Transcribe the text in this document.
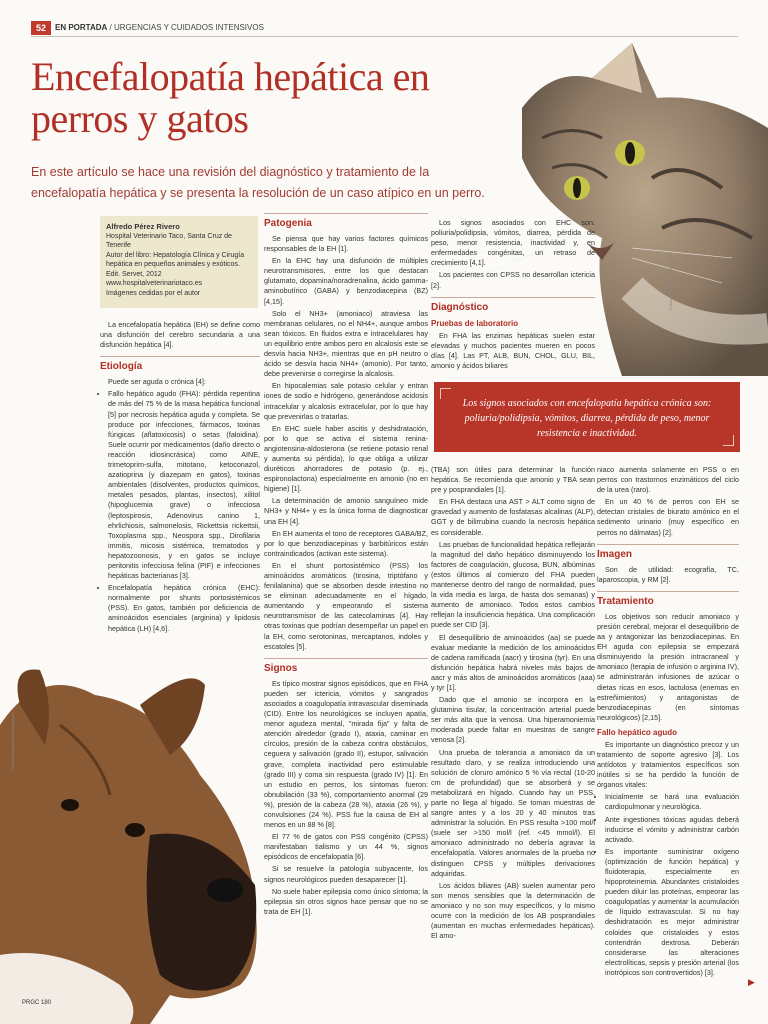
52	EN PORTADA / URGENCIAS Y CUIDADOS INTENSIVOS
Encefalopatía hepática en perros y gatos
En este artículo se hace una revisión del diagnóstico y tratamiento de la encefalopatía hepática y se presenta la resolución de un caso atípico en un perro.
Fotolia/Stockphoto/donskoy.com
Alfredo Pérez Rivero
Hospital Veterinario Taco, Santa Cruz de Tenerife
Autor del libro: Hepatología Clínica y Cirugía hepática en pequeños animales y exóticos. Edit. Servet, 2012
www.hospitalveterinariotaco.es
Imágenes cedidas por el autor

La encefalopatía hepática (EH) se define como una disfunción del cerebro secundaria a una disfunción hepática [4].

Etiología

Puede ser aguda o crónica [4]:

• Fallo hepático agudo (FHA): pérdida repentina de más del 75 % de la masa hepática funcional [5] por necrosis hepática aguda y completa. Se produce por infecciones, fármacos, toxinas fúngicas (aflatoxicosis) o setas (faloidina). Suele ocurrir por medicamentos (daño directo o reacción idiosincrásica) como AINE, trimetoprim-sulfa, mitotano, ketoconazol, azatioprina (y diazepam en gatos), toxinas ambientales (disolventes, productos químicos, metales pesados, plantas, insectos), xilitol (hipoglucemia grave) o infecciosa (leptospirosis, Adenovirus canino 1, ehrlichiosis, salmonelosis, Rickettsia rickettsii, Toxoplasma spp., Neospora spp., Dirofilaria immitis, micosis sistémica, trematodos y hepatozoonosis, y en gatos se incluye peritonitis infecciosa felina (PIF) e infecciones hepáticas bacterianas [3].
• Encefalopatía hepática crónica (EHC): normalmente por shunts portosistémicos (PSS). En gatos, también por deficiencia de aminoácidos esenciales (arginina) y lipidosis hepática (LH) [4,6].
Patogenia

Se piensa que hay varios factores químicos responsables de la EH [1].

En la EHC hay una disfunción de múltiples neurotransmisores, entre los que destacan glutamato, dopamina/noradrenalina, ácido gamma-aminobutírico (GABA) y benzodiacepina (BZ) [4,15].

Solo el NH3+ (amoniaco) atraviesa las membranas celulares, no el NH4+, aunque ambos sean tóxicos. En fluidos extra e intracelulares hay un equilibrio entre ambos pero en alcalosis este se desvía hacia NH3+, mientras que en pH neutro o ácido se desvía hacia NH4+ (amonio). Por tanto, debe prevenirse o corregirse la alcalosis.

En hipocalemias sale potasio celular y entran iones de sodio e hidrógeno, generándose acidosis intracelular y alcalosis extracelular, por lo que hay que prevenirlas o tratarlas.

En EHC suele haber ascitis y deshidratación, por lo que se activa el sistema renina-angiotensina-aldosterona (se retiene potasio renal y aumenta su pérdida), lo que obliga a utilizar diuréticos ahorradores de potasio (p. ej., espironolactona) especialmente en amonio (no en higiene) [1].

La determinación de amonio sanguíneo mide NH3+ y NH4+ y es la única forma de diagnosticar una EH [4].

En EH aumenta el tono de receptores GABA/BZ, por lo que benzodiacepinas y barbitúricos están contraindicados (activan este sistema).

En el shunt portosistémico (PSS) los aminoácidos aromáticos (tirosina, triptófano y fenilalanina) que se absorben desde intestino no se eliminan adecuadamente en el hígado, aumentando y empeorando el sistema neurotransmisor de las catecolaminas [4]. Hay otras toxinas que podrían desempeñar un papel en la EH, como serotoninas, mercaptanos, indoles y escatoles [5].

Signos

Es típico mostrar signos episódicos, que en FHA pueden ser ictericia, vómitos y sangrados asociados a coagulopatía intravascular diseminada (CID). Entre los neurológicos se incluyen apatía, menor agudeza mental, "mirada fija" y falta de atención alrededor (grado I), ataxia, caminar en círculos, presión de la cabeza contra obstáculos, ceguera y salivación (grado II), estupor, salivación grave, completa inactividad pero estimulable (grado III) y coma sin respuesta (grado IV) [1]. En un estudio en perros, los síntomas fueron: obnubilación (33 %), comportamiento anormal (29 %), presión de la cabeza (28 %), ataxia (26 %), y convulsiones (24 %). PSS fue la causa de EH al menos en un 88 % [8].

El 77 % de gatos con PSS congénito (CPSS) manifestaban tialismo y un 44 %, signos episódicos de encefalopatía [6].

Si se resuelve la patología subyacente, los signos neurológicos pueden desaparecer [1].

No suele haber epilepsia como único síntoma; la epilepsia sin otros signos hace pensar que no se trata de EH [1].

Los signos asociados con EHC son: poliuria/polidipsia, vómitos, diarrea, pérdida de peso, menor resistencia, inactividad y, en enfermedades congénitas, un retraso de crecimiento [4,1].

Los pacientes con CPSS no desarrollan ictericia [2].

Diagnóstico
Pruebas de laboratorio

En FHA las enzimas hepáticas suelen estar elevadas y muchos pacientes mueren en pocos días [4]. Las PT, ALB, BUN, CHOL, GLU, BIL, amonio y ácidos biliares

Los signos asociados con encefalopatía hepática crónica son: poliuria/polidipsia, vómitos, diarrea, pérdida de peso, menor resistencia e inactividad.

(TBA) son útiles para determinar la función hepática. Se recomienda que amonio y TBA sean pre y posprandiales [1].

En FHA destaca una AST > ALT como signo de gravedad y aumento de fosfatasas alcalinas (ALP), GGT y de bilirrubina cuando la necrosis hepática es considerable.

Las pruebas de funcionalidad hepática reflejarán la magnitud del daño hepático disminuyendo los factores de coagulación, glucosa, BUN, albúminas (estos últimos al comienzo del FHA pueden mantenerse dentro del rango de normalidad, pues la vida media es larga, de hasta dos semanas) y aumento de amoniaco. Todos estos cambios reflejan la insuficiencia hepática. Una complicación puede ser CID [3].

El desequilibrio de aminoácidos (aa) se puede evaluar mediante la medición de los aminoácidos de cadena ramificada (aacr) y tirosina (tyr). En una disfunción hepática habrá niveles más bajos de aacr y más altos de aminoácidos aromáticos (aaa) y tyr [1].

Dado que el amonio se incorpora en la glutamina tisular, la concentración arterial puede ser más alta que la venosa. Una hiperamoniemia moderada puede faltar en muestras de sangre venosa [2].

Una prueba de tolerancia a amoniaco da un resultado claro, y se realiza introduciendo una solución de cloruro amónico 5 % vía rectal (10-20 cm de profundidad) que se absorberá y se metabolizará en hígado. Cuando hay un PSS, parte no llega al hígado. Se toman muestras de sangre antes y a los 20 y 40 minutos tras administrar la solución. En PSS resulta >100 mol/l (suele ser >150 mol/l (ref. <45 mmol/l). El amoniaco administrado no debería agravar la encefalopatía. Valores anormales de la prueba no distinguen CPSS y múltiples derivaciones adquiridas.

Los ácidos biliares (AB) suelen aumentar pero son menos sensibles que la determinación de amoniaco y no son muy específicos, y lo mismo ocurre con la medición de los AB posprandiales (aumentan en muchas enfermedades hepáticas). El amo-

niaco aumenta solamente en PSS o en perros con trastornos enzimáticos del ciclo de la urea (raro).

En un 40 % de perros con EH se detectan cristales de biurato amónico en el sedimento urinario (muy específico en perros no dálmatas) [2].

Imagen

Son de utilidad: ecografía, TC, laparoscopia, y RM [2].

Tratamiento

Los objetivos son reducir amoniaco y presión cerebral, mejorar el desequilibrio de aa y antagonizar las benzodiacepinas. En EH aguda con epilepsia se empezará disminuyendo la presión intracraneal y amoniaco (terapia de infusión o arginina IV), se administrarán infusiones de azúcar o dietas ricas en esos, lactulosa (enemas en estreñimientos) y antagonistas de benzodiacepinas (en síntomas neurológicos) [2,15].

Fallo hepático agudo

Es importante un diagnóstico precoz y un tratamiento de soporte agresivo [3]. Los antídotos y tratamientos específicos son inútiles si se ha perdido la función de órganos vitales:

• Inicialmente se hará una evaluación cardiopulmonar y neurológica.
• Ante ingestiones tóxicas agudas deberá inducirse el vómito y administrar carbón activado.
• Es importante suministrar oxígeno (optimización de función hepática) y fluidoterapia, especialmente en hipoproteinemia. Abundantes cristaloides pueden diluir las proteínas, empeorar las coagulopatías y aumentar la acumulación de líquido extravascular. Si no hay deshidratación es mejor administrar coloides que cristaloides y estos contendrán dextrosa. Deberán considerarse las alteraciones electrolíticas, sepsis y presión arterial (los inotrópicos son controvertidos) [3].
Fotolia/Stockphoto/donskoy.com
PRGC 180
▶
